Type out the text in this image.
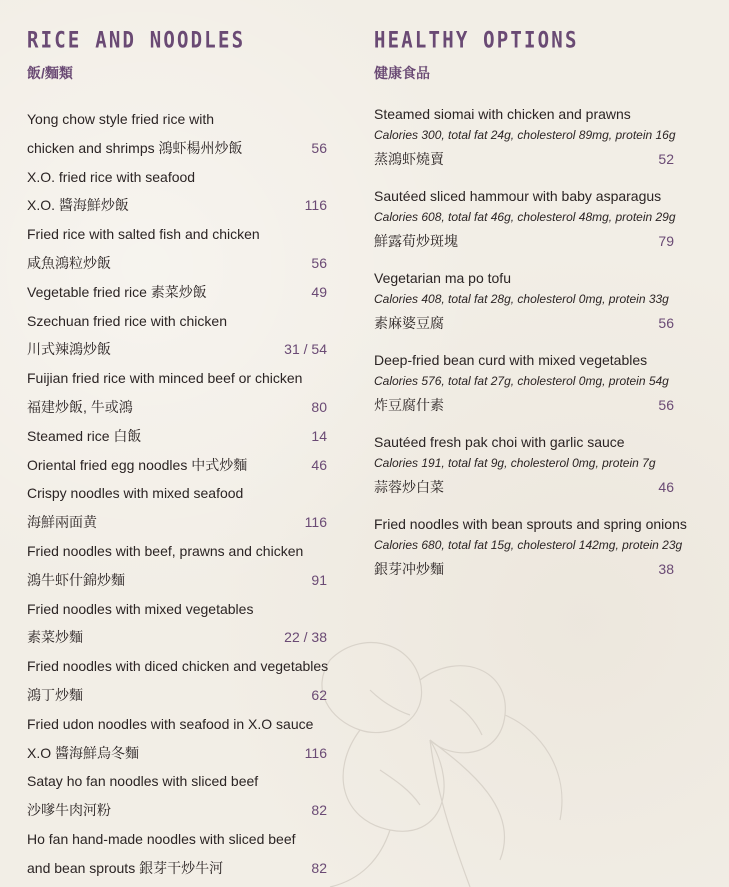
RICE AND NOODLES
飯/麵類
Yong chow style fried rice with
chicken and shrimps 鴻虾楊州炒飯	56
X.O. fried rice with seafood
X.O. 醬海鮮炒飯	116
Fried rice with salted fish and chicken
咸魚鴻粒炒飯	56
Vegetable fried rice 素菜炒飯	49
Szechuan fried rice with chicken
川式辣鴻炒飯	31 / 54
Fuijian fried rice with minced beef or chicken
福建炒飯, 牛或鴻	80
Steamed rice 白飯	14
Oriental fried egg noodles 中式炒麵	46
Crispy noodles with mixed seafood
海鮮兩面黄	116
Fried noodles with beef, prawns and chicken
鴻牛虾什錦炒麵	91
Fried noodles with mixed vegetables
素菜炒麵	22 / 38
Fried noodles with diced chicken and vegetables
鴻丁炒麵	62
Fried udon noodles with seafood in X.O sauce
X.O 醬海鮮烏冬麵	116
Satay ho fan noodles with sliced beef
沙嗲牛肉河粉	82
Ho fan hand-made noodles with sliced beef
and bean sprouts 銀芽干炒牛河	82
HEALTHY OPTIONS
健康食品
Steamed siomai with chicken and prawns
Calories 300, total fat 24g, cholesterol 89mg, protein 16g
蒸鴻虾燒賣	52
Sautéed sliced hammour with baby asparagus
Calories 608, total fat 46g, cholesterol 48mg, protein 29g
鮮露荀炒斑塊	79
Vegetarian ma po tofu
Calories 408, total fat 28g, cholesterol 0mg, protein 33g
素麻婆豆腐	56
Deep-fried bean curd with mixed vegetables
Calories 576, total fat 27g, cholesterol 0mg, protein 54g
炸豆腐什素	56
Sautéed fresh pak choi with garlic sauce
Calories 191, total fat 9g, cholesterol 0mg, protein 7g
蒜蓉炒白菜	46
Fried noodles with bean sprouts and spring onions
Calories 680, total fat 15g, cholesterol 142mg, protein 23g
銀芽冲炒麵	38
